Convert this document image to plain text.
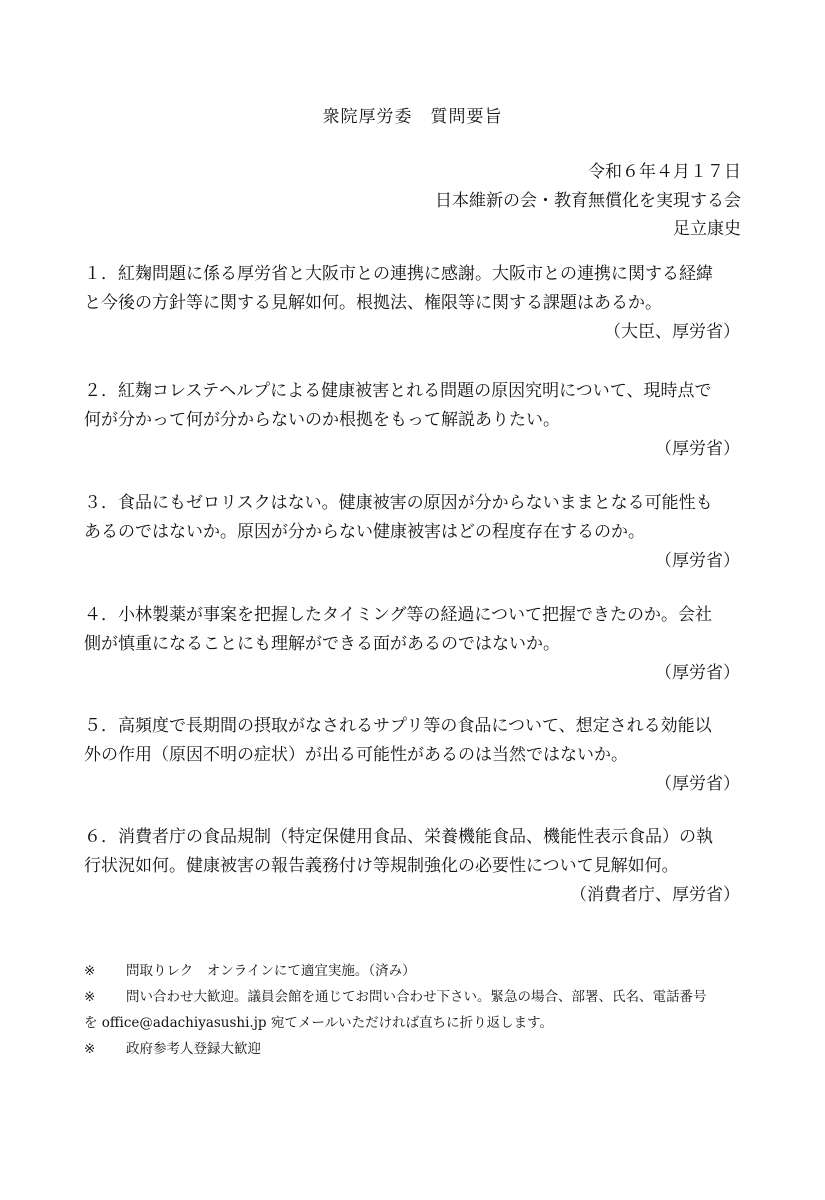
衆院厚労委　質問要旨
令和６年４月１７日
日本維新の会・教育無償化を実現する会
足立康史
１．紅麹問題に係る厚労省と大阪市との連携に感謝。大阪市との連携に関する経緯
と今後の方針等に関する見解如何。根拠法、権限等に関する課題はあるか。
（大臣、厚労省）
２．紅麹コレステヘルプによる健康被害とれる問題の原因究明について、現時点で
何が分かって何が分からないのか根拠をもって解説ありたい。
（厚労省）
３．食品にもゼロリスクはない。健康被害の原因が分からないままとなる可能性も
あるのではないか。原因が分からない健康被害はどの程度存在するのか。
（厚労省）
４．小林製薬が事案を把握したタイミング等の経過について把握できたのか。会社
側が慎重になることにも理解ができる面があるのではないか。
（厚労省）
５．高頻度で長期間の摂取がなされるサプリ等の食品について、想定される効能以
外の作用（原因不明の症状）が出る可能性があるのは当然ではないか。
（厚労省）
６．消費者庁の食品規制（特定保健用食品、栄養機能食品、機能性表示食品）の執
行状況如何。健康被害の報告義務付け等規制強化の必要性について見解如何。
（消費者庁、厚労省）
※ 問取りレク　オンラインにて適宜実施。（済み）
※ 問い合わせ大歓迎。議員会館を通じてお問い合わせ下さい。緊急の場合、部署、氏名、電話番号
を office@adachiyasushi.jp 宛てメールいただければ直ちに折り返します。
※ 政府参考人登録大歓迎
